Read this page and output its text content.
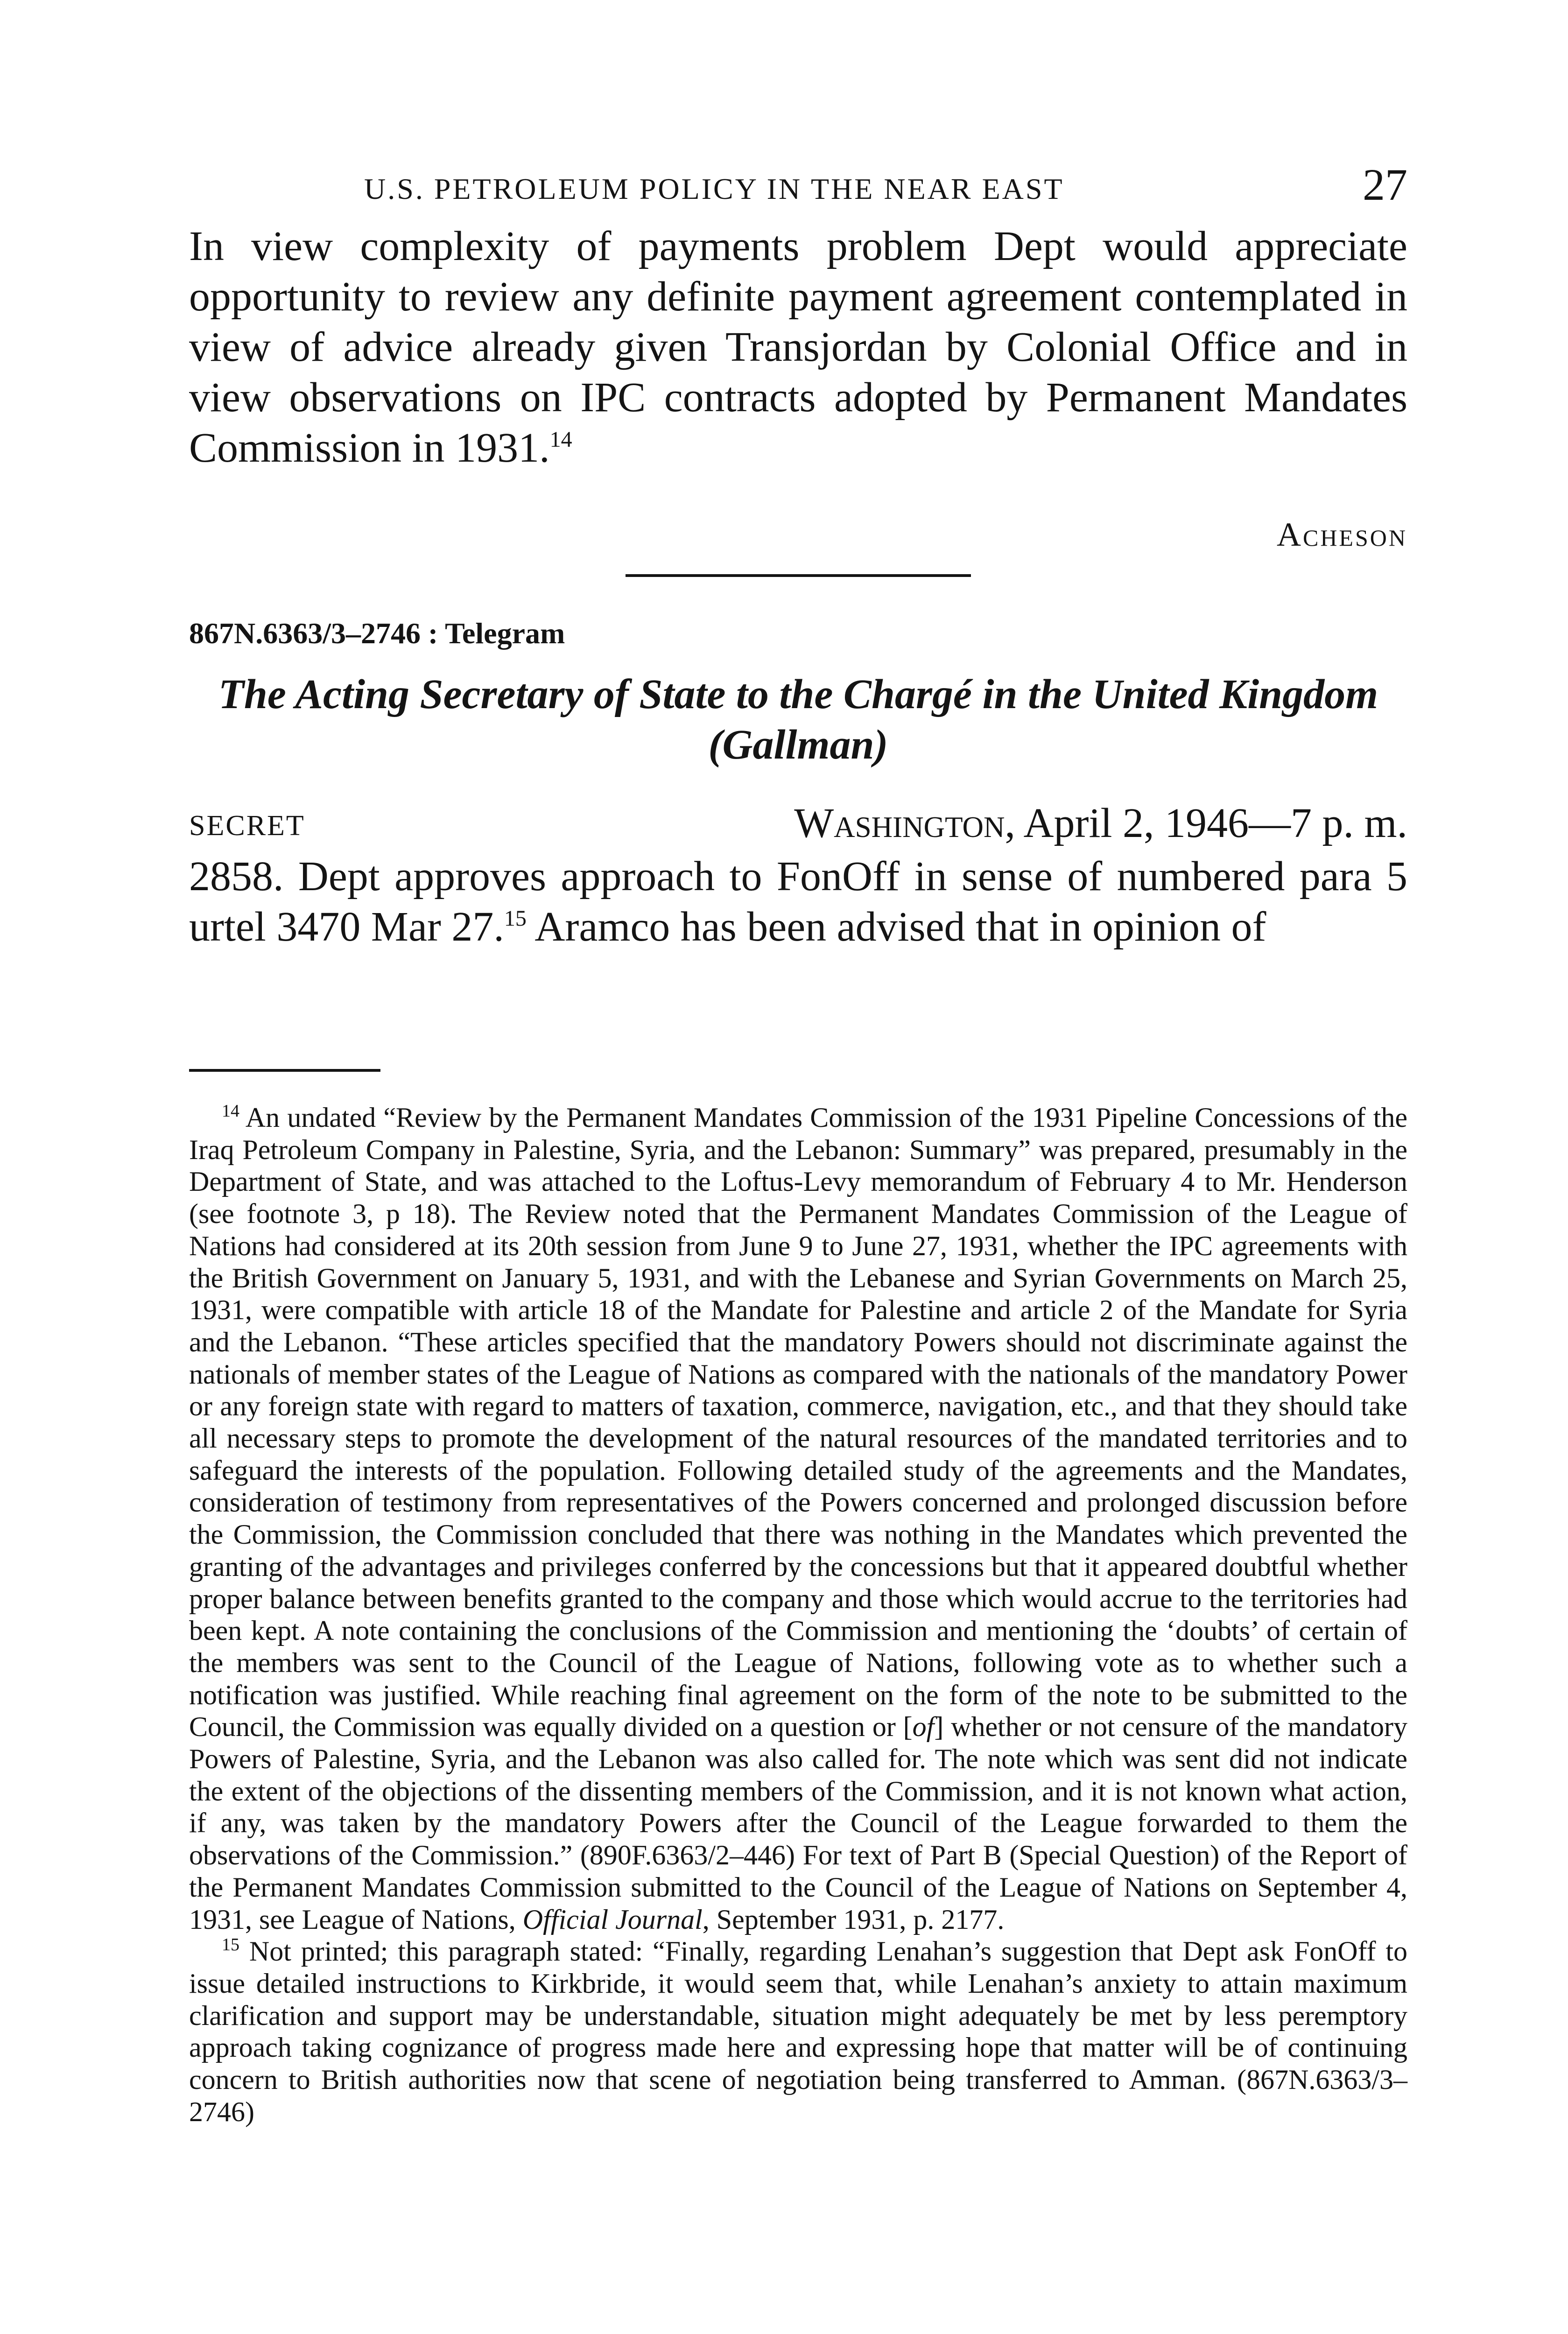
U.S. PETROLEUM POLICY IN THE NEAR EAST	27

In view complexity of payments problem Dept would appreciate opportunity to review any definite payment agreement contemplated in view of advice already given Transjordan by Colonial Office and in view observations on IPC contracts adopted by Permanent Mandates Commission in 1931.14

Acheson
867N.6363/3–2746 : Telegram
The Acting Secretary of State to the Chargé in the United Kingdom
(Gallman)
SECRET	Washington, April 2, 1946—7 p. m.

2858. Dept approves approach to FonOff in sense of numbered para 5 urtel 3470 Mar 27.15 Aramco has been advised that in opinion of

$^{14}$ An undated “Review by the Permanent Mandates Commission of the 1931 Pipeline Concessions of the Iraq Petroleum Company in Palestine, Syria, and the Lebanon: Summary” was prepared, presumably in the Department of State, and was attached to the Loftus-Levy memorandum of February 4 to Mr. Henderson (see footnote 3, p 18). The Review noted that the Permanent Mandates Commission of the League of Nations had considered at its 20th session from June 9 to June 27, 1931, whether the IPC agreements with the British Government on January 5, 1931, and with the Lebanese and Syrian Governments on March 25, 1931, were compatible with article 18 of the Mandate for Palestine and article 2 of the Mandate for Syria and the Lebanon. “These articles specified that the mandatory Powers should not discriminate against the nationals of member states of the League of Nations as compared with the nationals of the mandatory Power or any foreign state with regard to matters of taxation, commerce, navigation, etc., and that they should take all necessary steps to promote the development of the natural resources of the mandated territories and to safeguard the interests of the population. Following detailed study of the agreements and the Mandates, consideration of testimony from representatives of the Powers concerned and prolonged discussion before the Commission, the Commission concluded that there was nothing in the Mandates which prevented the granting of the advantages and privileges conferred by the concessions but that it appeared doubtful whether proper balance between benefits granted to the company and those which would accrue to the territories had been kept. A note containing the conclusions of the Commission and mentioning the ‘doubts’ of certain of the members was sent to the Council of the League of Nations, following vote as to whether such a notification was justified. While reaching final agreement on the form of the note to be submitted to the Council, the Commission was equally divided on a question or [of] whether or not censure of the mandatory Powers of Palestine, Syria, and the Lebanon was also called for. The note which was sent did not indicate the extent of the objections of the dissenting members of the Commission, and it is not known what action, if any, was taken by the mandatory Powers after the Council of the League forwarded to them the observations of the Commission.” (890F.6363/2–446) For text of Part B (Special Question) of the Report of the Permanent Mandates Commission submitted to the Council of the League of Nations on September 4, 1931, see League of Nations, Official Journal, September 1931, p. 2177.

$^{15}$ Not printed; this paragraph stated: “Finally, regarding Lenahan’s suggestion that Dept ask FonOff to issue detailed instructions to Kirkbride, it would seem that, while Lenahan’s anxiety to attain maximum clarification and support may be understandable, situation might adequately be met by less peremptory approach taking cognizance of progress made here and expressing hope that matter will be of continuing concern to British authorities now that scene of negotiation being transferred to Amman. (867N.6363/3–2746)
